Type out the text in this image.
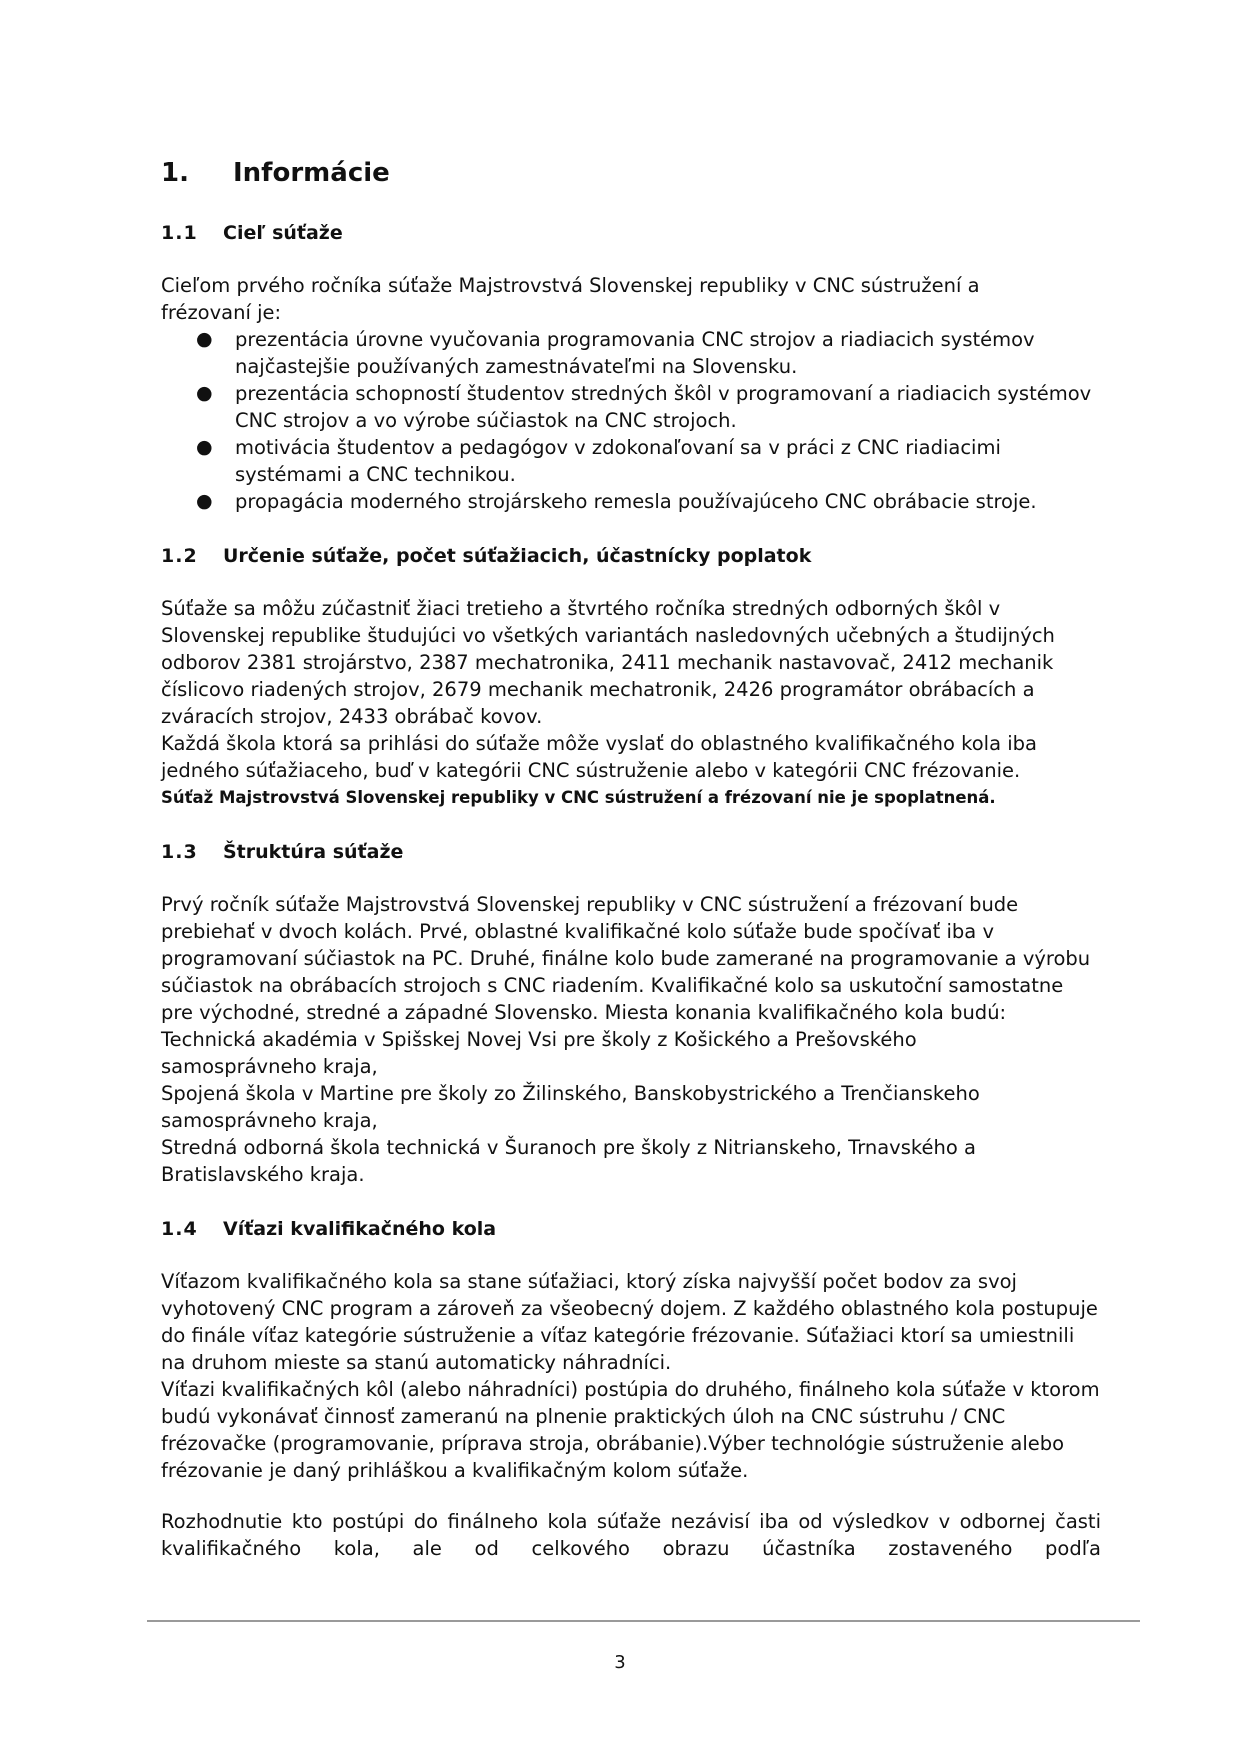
1.	Informácie
1.1	Cieľ súťaže

Cieľom prvého ročníka súťaže Majstrovstvá Slovenskej republiky v CNC sústružení a frézovaní je:

● prezentácia úrovne vyučovania programovania CNC strojov a riadiacich systémov najčastejšie používaných zamestnávateľmi na Slovensku.
● prezentácia schopností študentov stredných škôl v programovaní a riadiacich systémov CNC strojov a vo výrobe súčiastok na CNC strojoch.
● motivácia študentov a pedagógov v zdokonaľovaní sa v práci z CNC riadiacimi systémami a CNC technikou.
● propagácia moderného strojárskeho remesla používajúceho CNC obrábacie stroje.
1.2	Určenie súťaže, počet súťažiacich, účastnícky poplatok

Súťaže sa môžu zúčastniť žiaci tretieho a štvrtého ročníka stredných odborných škôl v Slovenskej republike študujúci vo všetkých variantách nasledovných učebných a študijných odborov 2381 strojárstvo, 2387 mechatronika, 2411 mechanik nastavovač, 2412 mechanik číslicovo riadených strojov, 2679 mechanik mechatronik, 2426 programátor obrábacích a zváracích strojov, 2433 obrábač kovov.

Každá škola ktorá sa prihlási do súťaže môže vyslať do oblastného kvalifikačného kola iba jedného súťažiaceho, buď v kategórii CNC sústruženie alebo v kategórii CNC frézovanie.

Súťaž Majstrovstvá Slovenskej republiky v CNC sústružení a frézovaní nie je spoplatnená.

1.3	Štruktúra súťaže

Prvý ročník súťaže Majstrovstvá Slovenskej republiky v CNC sústružení a frézovaní bude prebiehať v dvoch kolách. Prvé, oblastné kvalifikačné kolo súťaže bude spočívať iba v programovaní súčiastok na PC. Druhé, finálne kolo bude zamerané na programovanie a výrobu súčiastok na obrábacích strojoch s CNC riadením. Kvalifikačné kolo sa uskutoční samostatne pre východné, stredné a západné Slovensko. Miesta konania kvalifikačného kola budú:

Technická akadémia v Spišskej Novej Vsi pre školy z Košického a Prešovského samosprávneho kraja,

Spojená škola v Martine pre školy zo Žilinského, Banskobystrického a Trenčianskeho samosprávneho kraja,

Stredná odborná škola technická v Šuranoch pre školy z Nitrianskeho, Trnavského a Bratislavského kraja.

1.4	Víťazi kvalifikačného kola

Víťazom kvalifikačného kola sa stane súťažiaci, ktorý získa najvyšší počet bodov za svoj vyhotovený CNC program a zároveň za všeobecný dojem. Z každého oblastného kola postupuje do finále víťaz kategórie sústruženie a víťaz kategórie frézovanie. Súťažiaci ktorí sa umiestnili na druhom mieste sa stanú automaticky náhradníci.

Víťazi kvalifikačných kôl (alebo náhradníci) postúpia do druhého, finálneho kola súťaže v ktorom budú vykonávať činnosť zameranú na plnenie praktických úloh na CNC sústruhu / CNC frézovačke (programovanie, príprava stroja, obrábanie).Výber technológie sústruženie alebo frézovanie je daný prihláškou a kvalifikačným kolom súťaže.

Rozhodnutie kto postúpi do finálneho kola súťaže nezávisí iba od výsledkov v odbornej časti kvalifikačného kola, ale od celkového obrazu účastníka zostaveného podľa

3
